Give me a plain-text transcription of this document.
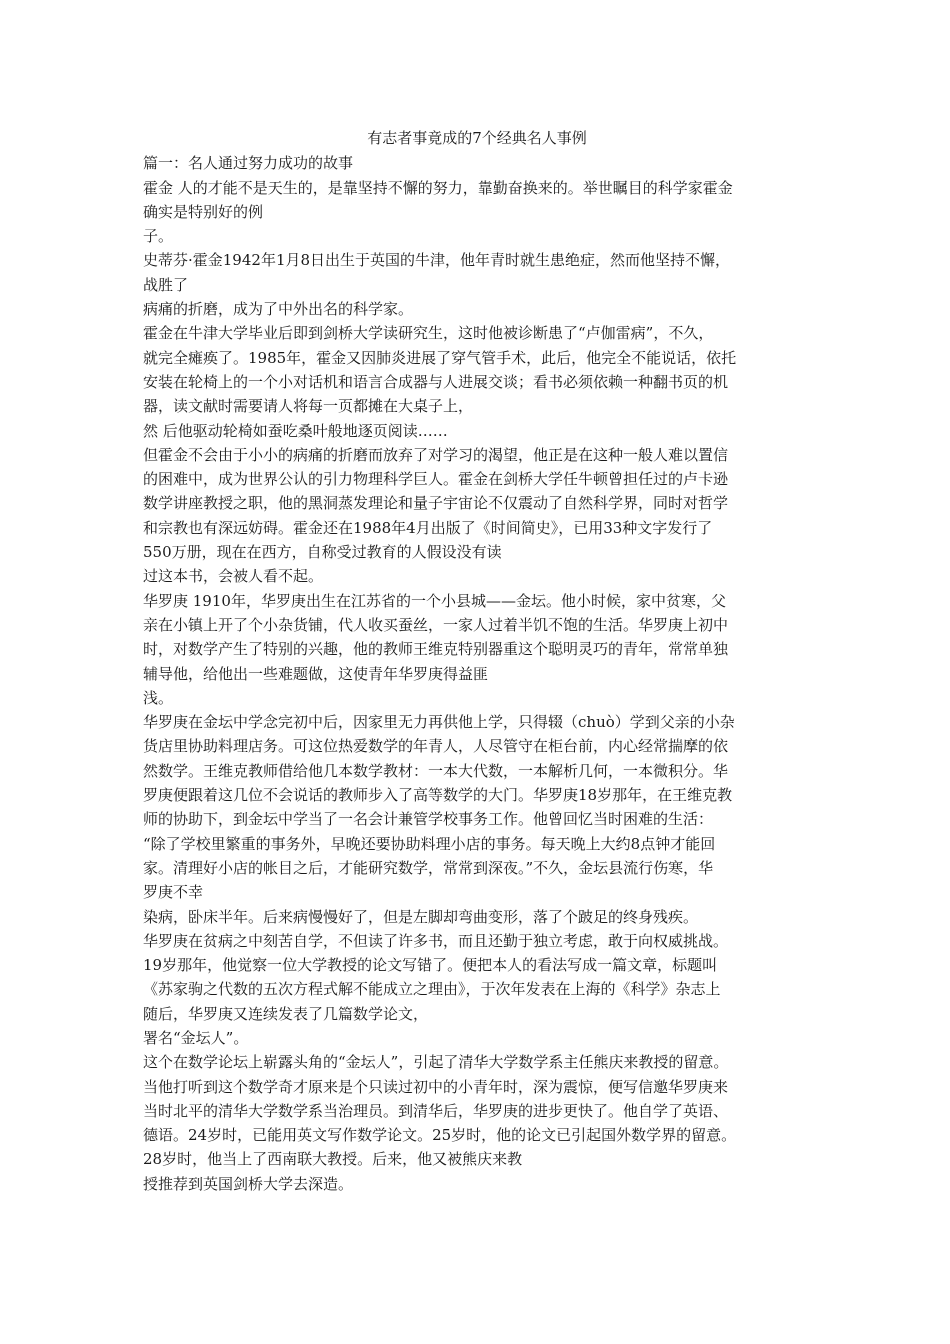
有志者事竟成的7个经典名人事例
篇一：名人通过努力成功的故事
霍金 人的才能不是天生的，是靠坚持不懈的努力，靠勤奋换来的。举世瞩目的科学家霍金
确实是特别好的例
子。
史蒂芬·霍金1942年1月8日出生于英国的牛津，他年青时就生患绝症，然而他坚持不懈，
战胜了
病痛的折磨，成为了中外出名的科学家。
霍金在牛津大学毕业后即到剑桥大学读研究生，这时他被诊断患了“卢伽雷病”，不久，
就完全瘫痪了。1985年，霍金又因肺炎进展了穿气管手术，此后，他完全不能说话，依托
安装在轮椅上的一个小对话机和语言合成器与人进展交谈；看书必须依赖一种翻书页的机
器，读文献时需要请人将每一页都摊在大桌子上，
然 后他驱动轮椅如蚕吃桑叶般地逐页阅读……
但霍金不会由于小小的病痛的折磨而放弃了对学习的渴望，他正是在这种一般人难以置信
的困难中，成为世界公认的引力物理科学巨人。霍金在剑桥大学任牛顿曾担任过的卢卡逊
数学讲座教授之职，他的黑洞蒸发理论和量子宇宙论不仅震动了自然科学界，同时对哲学
和宗教也有深远妨碍。霍金还在1988年4月出版了《时间简史》，已用33种文字发行了
550万册，现在在西方，自称受过教育的人假设没有读
过这本书，会被人看不起。
华罗庚 1910年，华罗庚出生在江苏省的一个小县城——金坛。他小时候，家中贫寒，父
亲在小镇上开了个小杂货铺，代人收买蚕丝，一家人过着半饥不饱的生活。华罗庚上初中
时，对数学产生了特别的兴趣，他的教师王维克特别器重这个聪明灵巧的青年，常常单独
辅导他，给他出一些难题做，这使青年华罗庚得益匪
浅。
华罗庚在金坛中学念完初中后，因家里无力再供他上学，只得辍（chuò）学到父亲的小杂
货店里协助料理店务。可这位热爱数学的年青人，人尽管守在柜台前，内心经常揣摩的依
然数学。王维克教师借给他几本数学教材：一本大代数，一本解析几何，一本微积分。华
罗庚便跟着这几位不会说话的教师步入了高等数学的大门。华罗庚18岁那年，在王维克教
师的协助下，到金坛中学当了一名会计兼管学校事务工作。他曾回忆当时困难的生活：
“除了学校里繁重的事务外，早晚还要协助料理小店的事务。每天晚上大约8点钟才能回
家。清理好小店的帐目之后，才能研究数学，常常到深夜。”不久，金坛县流行伤寒，华
罗庚不幸
染病，卧床半年。后来病慢慢好了，但是左脚却弯曲变形，落了个跛足的终身残疾。
华罗庚在贫病之中刻苦自学，不但读了许多书，而且还勤于独立考虑，敢于向权威挑战。
19岁那年，他觉察一位大学教授的论文写错了。便把本人的看法写成一篇文章，标题叫
《苏家驹之代数的五次方程式解不能成立之理由》，于次年发表在上海的《科学》杂志上
随后，华罗庚又连续发表了几篇数学论文，
署名“金坛人”。
这个在数学论坛上崭露头角的“金坛人”，引起了清华大学数学系主任熊庆来教授的留意。
当他打听到这个数学奇才原来是个只读过初中的小青年时，深为震惊，便写信邀华罗庚来
当时北平的清华大学数学系当治理员。到清华后，华罗庚的进步更快了。他自学了英语、
德语。24岁时，已能用英文写作数学论文。25岁时，他的论文已引起国外数学界的留意。
28岁时，他当上了西南联大教授。后来，他又被熊庆来教
授推荐到英国剑桥大学去深造。
